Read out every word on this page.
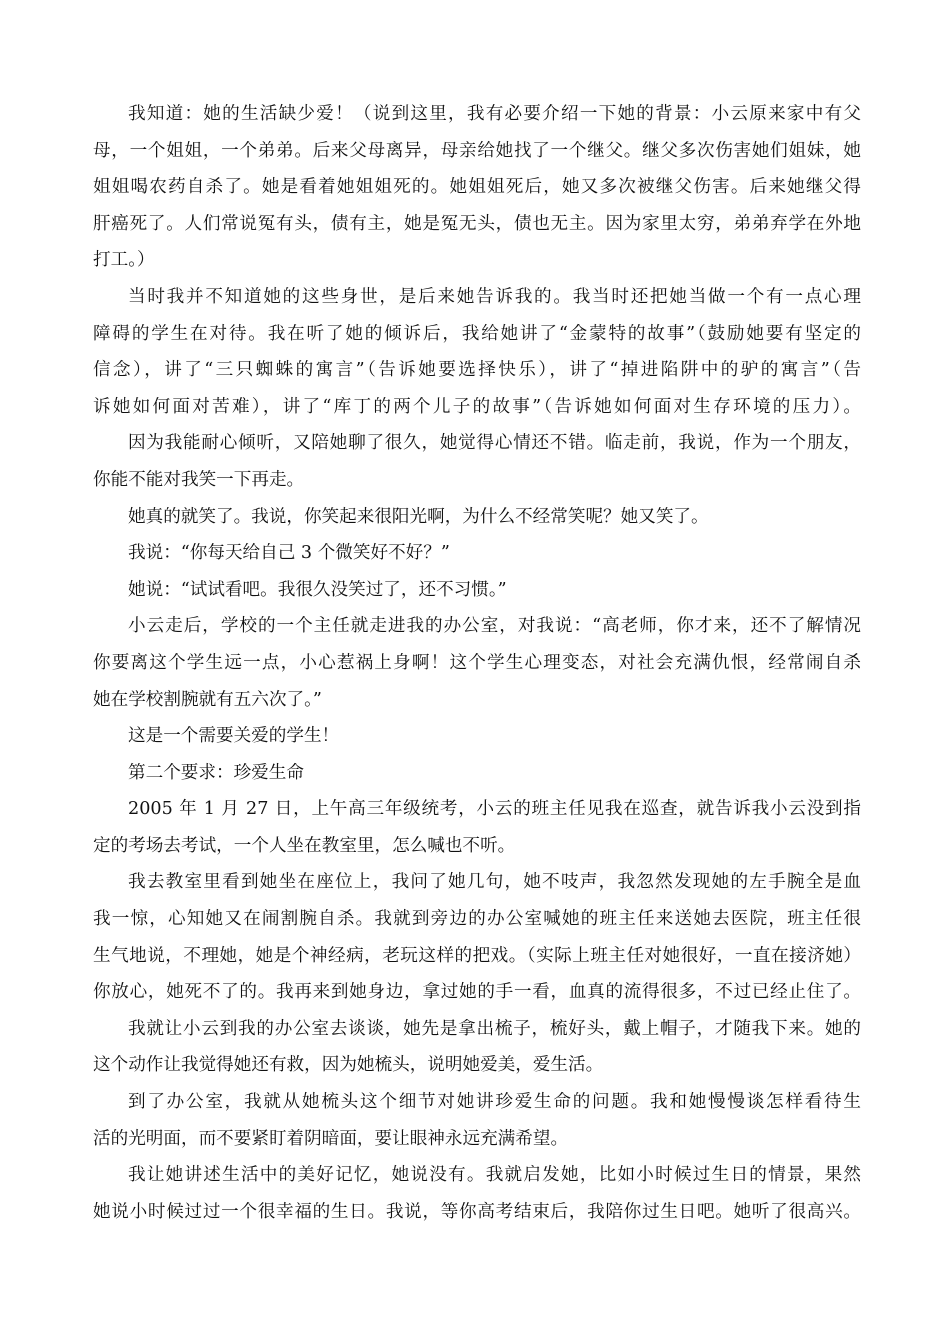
我知道：她的生活缺少爱！（说到这里，我有必要介绍一下她的背景：小云原来家中有父
母，一个姐姐，一个弟弟。后来父母离异，母亲给她找了一个继父。继父多次伤害她们姐妹，她
姐姐喝农药自杀了。她是看着她姐姐死的。她姐姐死后，她又多次被继父伤害。后来她继父得
肝癌死了。人们常说冤有头，债有主，她是冤无头，债也无主。因为家里太穷，弟弟弃学在外地
打工。）
当时我并不知道她的这些身世，是后来她告诉我的。我当时还把她当做一个有一点心理
障碍的学生在对待。我在听了她的倾诉后，我给她讲了“金蒙特的故事”（鼓励她要有坚定的
信念），讲了“三只蜘蛛的寓言”（告诉她要选择快乐），讲了“掉进陷阱中的驴的寓言”（告
诉她如何面对苦难），讲了“库丁的两个儿子的故事”（告诉她如何面对生存环境的压力）。
因为我能耐心倾听，又陪她聊了很久，她觉得心情还不错。临走前，我说，作为一个朋友，
你能不能对我笑一下再走。
她真的就笑了。我说，你笑起来很阳光啊，为什么不经常笑呢？她又笑了。
我说：“你每天给自己 3 个微笑好不好？”
她说：“试试看吧。我很久没笑过了，还不习惯。”
小云走后，学校的一个主任就走进我的办公室，对我说：“高老师，你才来，还不了解情况
你要离这个学生远一点，小心惹祸上身啊！这个学生心理变态，对社会充满仇恨，经常闹自杀
她在学校割腕就有五六次了。”
这是一个需要关爱的学生！
第二个要求：珍爱生命
2005 年 1 月 27 日，上午高三年级统考，小云的班主任见我在巡查，就告诉我小云没到指
定的考场去考试，一个人坐在教室里，怎么喊也不听。
我去教室里看到她坐在座位上，我问了她几句，她不吱声，我忽然发现她的左手腕全是血
我一惊，心知她又在闹割腕自杀。我就到旁边的办公室喊她的班主任来送她去医院，班主任很
生气地说，不理她，她是个神经病，老玩这样的把戏。（实际上班主任对她很好，一直在接济她）
你放心，她死不了的。我再来到她身边，拿过她的手一看，血真的流得很多，不过已经止住了。
我就让小云到我的办公室去谈谈，她先是拿出梳子，梳好头，戴上帽子，才随我下来。她的
这个动作让我觉得她还有救，因为她梳头，说明她爱美，爱生活。
到了办公室，我就从她梳头这个细节对她讲珍爱生命的问题。我和她慢慢谈怎样看待生
活的光明面，而不要紧盯着阴暗面，要让眼神永远充满希望。
我让她讲述生活中的美好记忆，她说没有。我就启发她，比如小时候过生日的情景，果然
她说小时候过过一个很幸福的生日。我说，等你高考结束后，我陪你过生日吧。她听了很高兴。
